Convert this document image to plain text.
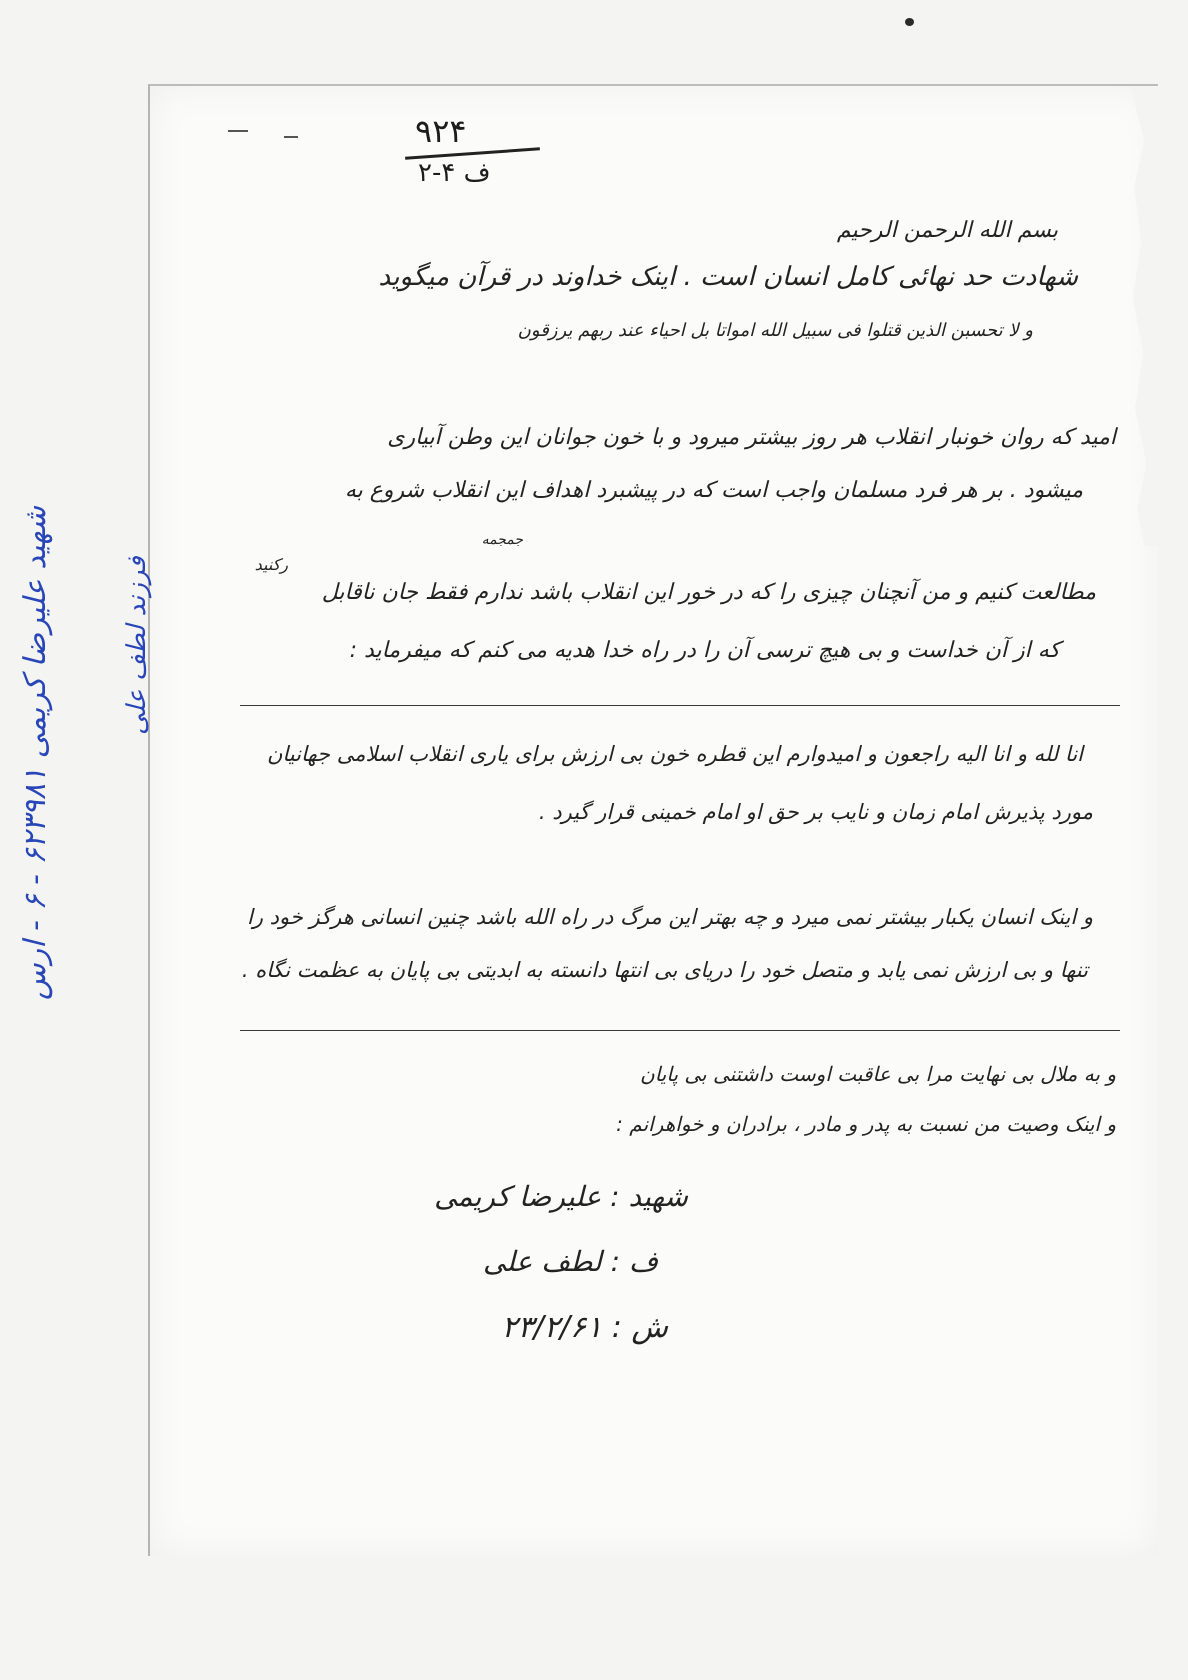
۹۲۴
ف ۴-۲
بسم الله الرحمن الرحیم
شهادت حد نهائی کامل انسان است . اینک خداوند در قرآن میگوید
و لا تحسبن الذین قتلوا فی سبیل الله امواتا بل احیاء عند ربهم یرزقون
امید که روان خونبار انقلاب هر روز بیشتر میرود و با خون جوانان این وطن آبیاری
میشود . بر هر فرد مسلمان واجب است که در پیشبرد اهداف این انقلاب شروع به
رکنید
جمجمه
مطالعت کنیم و من آنچنان چیزی را که در خور این انقلاب باشد ندارم فقط جان ناقابل
که از آن خداست و بی هیچ ترسی آن را در راه خدا هدیه می کنم که میفرماید :
انا لله و انا الیه راجعون و امیدوارم این قطره خون بی ارزش برای یاری انقلاب اسلامی جهانیان
مورد پذیرش امام زمان و نایب بر حق او امام خمینی قرار گیرد .
و اینک انسان یکبار بیشتر نمی میرد و چه بهتر این مرگ در راه الله باشد چنین انسانی هرگز خود را
تنها و بی ارزش نمی یابد و متصل خود را دریای بی انتها دانسته به ابدیتی بی پایان به عظمت نگاه .
و به ملال بی نهایت مرا بی عاقبت اوست داشتنی بی پایان
و اینک وصیت من نسبت به پدر و مادر ، برادران و خواهرانم :
شهید : علیرضا کریمی
ف : لطف علی
ش : ۲۳/۲/۶۱
شهید علیرضا کریمی ۶۲۳۹۸۱ - ۶ - ارس	فرزند لطف علی
